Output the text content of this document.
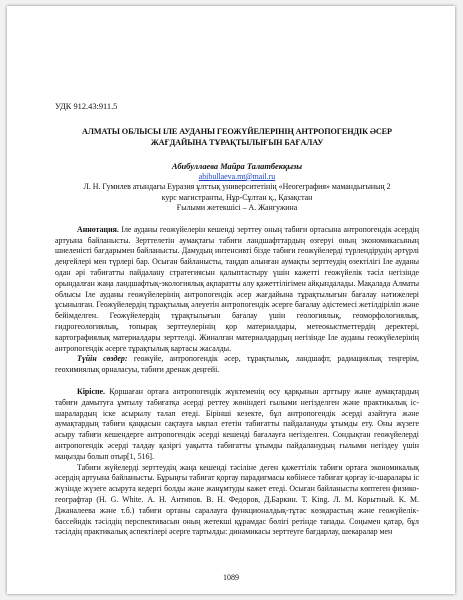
УДК 912.43:911.5
АЛМАТЫ ОБЛЫСЫ ІЛЕ АУДАНЫ ГЕОЖҮЙЕЛЕРІНІҢ АНТРОПОГЕНДІК ӘСЕР
ЖАҒДАЙЫНА ТҰРАҚТЫЛЫҒЫН БАҒАЛАУ
Абибуллаева Майра Талатбекқызы
abibullaeva.mt@mail.ru
Л. Н. Гумилев атындағы Еуразия ұлттық университетінің «Неогеграфия» мамандығының 2
курс магистранты, Нұр-Сұлтан қ., Қазақстан
Ғылыми жетекшісі – А. Жангужина
Аннотация. Іле ауданы геожүйелерін кешенді зерттеу оның табиғи ортасына антропогендік әсердің артуына байланысты. Зерттелетін аумақтағы табиғи ландшафттардың өзгеруі оның экономикасының шиеленісті бағдарымен байланысты. Дамудың интенсивті бізде табиғи геожүйелерді түрлендірудің әртүрлі деңгейлері мен түрлері бар. Осыған байланысты, таңдап алынған аумақты зерттеудің өзектілігі Іле ауданы одан әрі табиғатты пайдалану стратегиясын қалыптастыру үшін кажетті геожүйелік тәсіл негізінде орындалған жаңа ландшафтық-экологиялық ақпаратты алу қажеттілігімен айқындалады. Мақалада Алматы облысы Іле ауданы геожүйелерінің антропогендік әсер жағдайына тұрақтылығын бағалау нәтижелері ұсынылған. Геожүйелердің тұрақтылық әлеуетін антропогендік әсерге бағалау әдістемесі жетілдіріліп және бейімделген. Геожүйелердің тұрақтылығын бағалау үшін геологиялық, геоморфологиялық, гидрогеологиялық, топырақ зерттеулерінің қор материалдары, метеокыстметтердің деректері, картографиялық материалдары зерттелді. Жиналған материалдардың негізінде Іле ауданы геожүйелерінің антропогендік әсерге тұрақтылық картасы жасалды.
Түйін сөздер: геожүйе, антропогендік әсер, тұрақтылық, ландшафт, радиациялық теңгерім, геохимиялық орналасуы, табиғи дренаж деңгейі.
Кіріспе. Қоршаған ортаға антропогендік жүктеменің өсу қарқынын арттыру және аумақтардың табиғи дамытуға ұмтылу табиғатқа әсерді реттеу жөніндегі ғылыми негізделген және практикалық іс-шаралардың іске асырылу талап етеді. Бірінші кезекте, бұл антропогендік әсерді азайтуға және аумақтардың табиғи қаңқасын сақтауға ықпал ететін табиғатты пайдалануды ұтымды ету. Оны жүзеге асыру табиғи кешендерге антропогендік әсерді кешенді бағалауға негізделген. Сондықтан геожүйелерді антропогендік әсерді талдау қазіргі уақытта табиғатты ұтымды пайдаланудың ғылыми негіздеу үшін маңызды болып отыр[1, 516].
Табиғи жүйелерді зерттеудің жаңа кешенді тәсіліне деген қажеттілік табиғи ортаға экономикалық әсердің артуына байланысты. Бұрыңғы табиғат қорғау парадигмасы көбінесе табиғат қорғау іс-шаралары іс жүзінде жүзеге асырута кедергі болды және жанұмтуды кажет етеді. Осыған байланысты көптеген физико-географтар (H. G. White. А. Н. Антипов. В. Н. Федоров, Д.Баркин. Т. King. Л. М. Корытный. К. М. Джаналеева жәнe т.б.) табиғи ортаны саралауға функционалдық-тұтас көзқарастың және геожүйелік-бассейндік тәсілдің перспективасын оның жетекші құрамдас бөлігі ретінде тапады. Соңымен қатар, бұл тәсілдің практикалық аспектілері әсерге тартылды: динамикасы зерттеуге бағдарлау, шекаралар мен
1089
